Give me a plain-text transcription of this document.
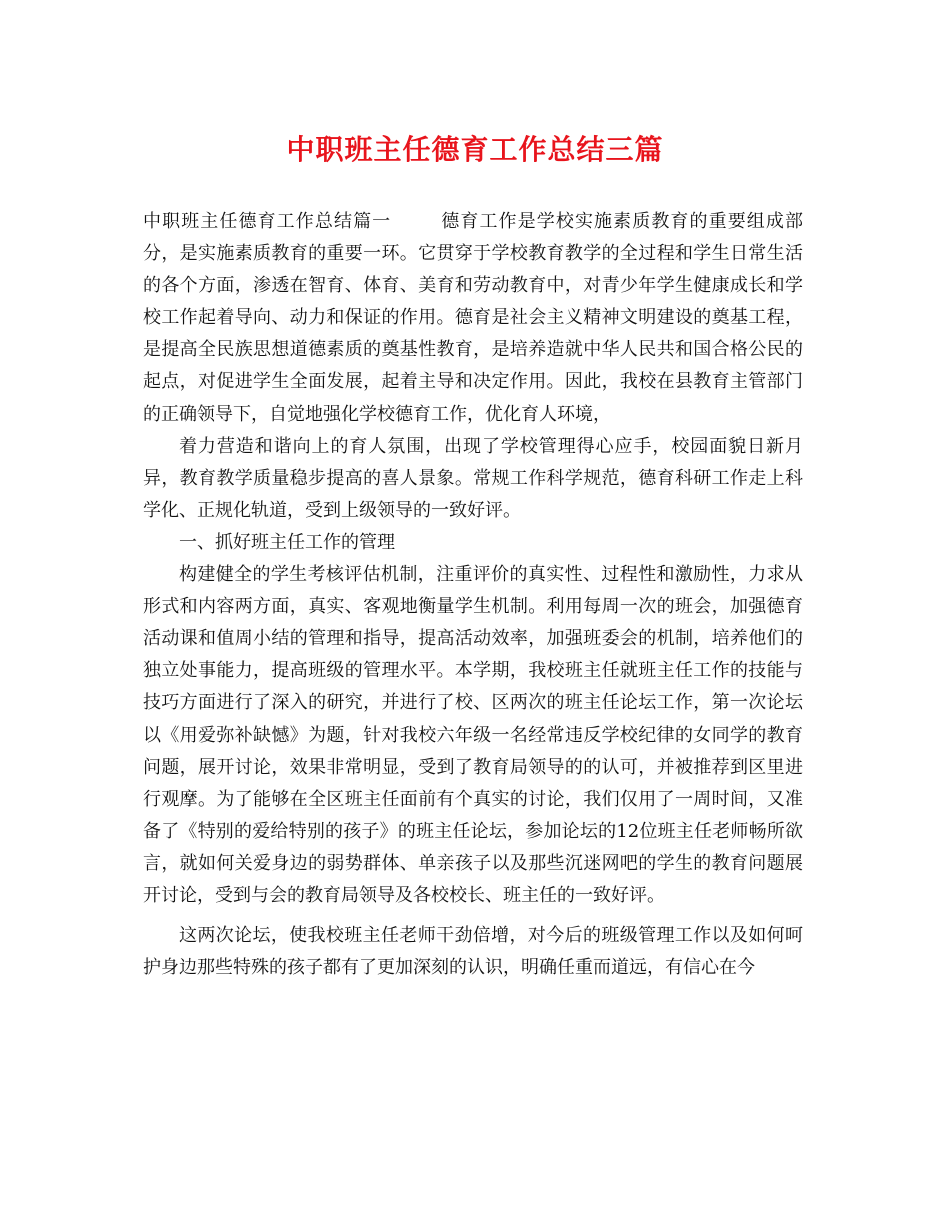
中职班主任德育工作总结三篇

中职班主任德育工作总结篇一	德育工作是学校实施素质教育的重要组成部分，是实施素质教育的重要一环。它贯穿于学校教育教学的全过程和学生日常生活的各个方面，渗透在智育、体育、美育和劳动教育中，对青少年学生健康成长和学校工作起着导向、动力和保证的作用。德育是社会主义精神文明建设的奠基工程，是提高全民族思想道德素质的奠基性教育，是培养造就中华人民共和国合格公民的起点，对促进学生全面发展，起着主导和决定作用。因此，我校在县教育主管部门的正确领导下，自觉地强化学校德育工作，优化育人环境，

着力营造和谐向上的育人氛围，出现了学校管理得心应手，校园面貌日新月异，教育教学质量稳步提高的喜人景象。常规工作科学规范，德育科研工作走上科学化、正规化轨道，受到上级领导的一致好评。

一、抓好班主任工作的管理

构建健全的学生考核评估机制，注重评价的真实性、过程性和激励性，力求从形式和内容两方面，真实、客观地衡量学生机制。利用每周一次的班会，加强德育活动课和值周小结的管理和指导，提高活动效率，加强班委会的机制，培养他们的独立处事能力，提高班级的管理水平。本学期，我校班主任就班主任工作的技能与技巧方面进行了深入的研究，并进行了校、区两次的班主任论坛工作，第一次论坛以《用爱弥补缺憾》为题，针对我校六年级一名经常违反学校纪律的女同学的教育问题，展开讨论，效果非常明显，受到了教育局领导的的认可，并被推荐到区里进行观摩。为了能够在全区班主任面前有个真实的讨论，我们仅用了一周时间，又准备了《特别的爱给特别的孩子》的班主任论坛，参加论坛的12位班主任老师畅所欲言，就如何关爱身边的弱势群体、单亲孩子以及那些沉迷网吧的学生的教育问题展开讨论，受到与会的教育局领导及各校校长、班主任的一致好评。

这两次论坛，使我校班主任老师干劲倍增，对今后的班级管理工作以及如何呵护身边那些特殊的孩子都有了更加深刻的认识，明确任重而道远，有信心在今
